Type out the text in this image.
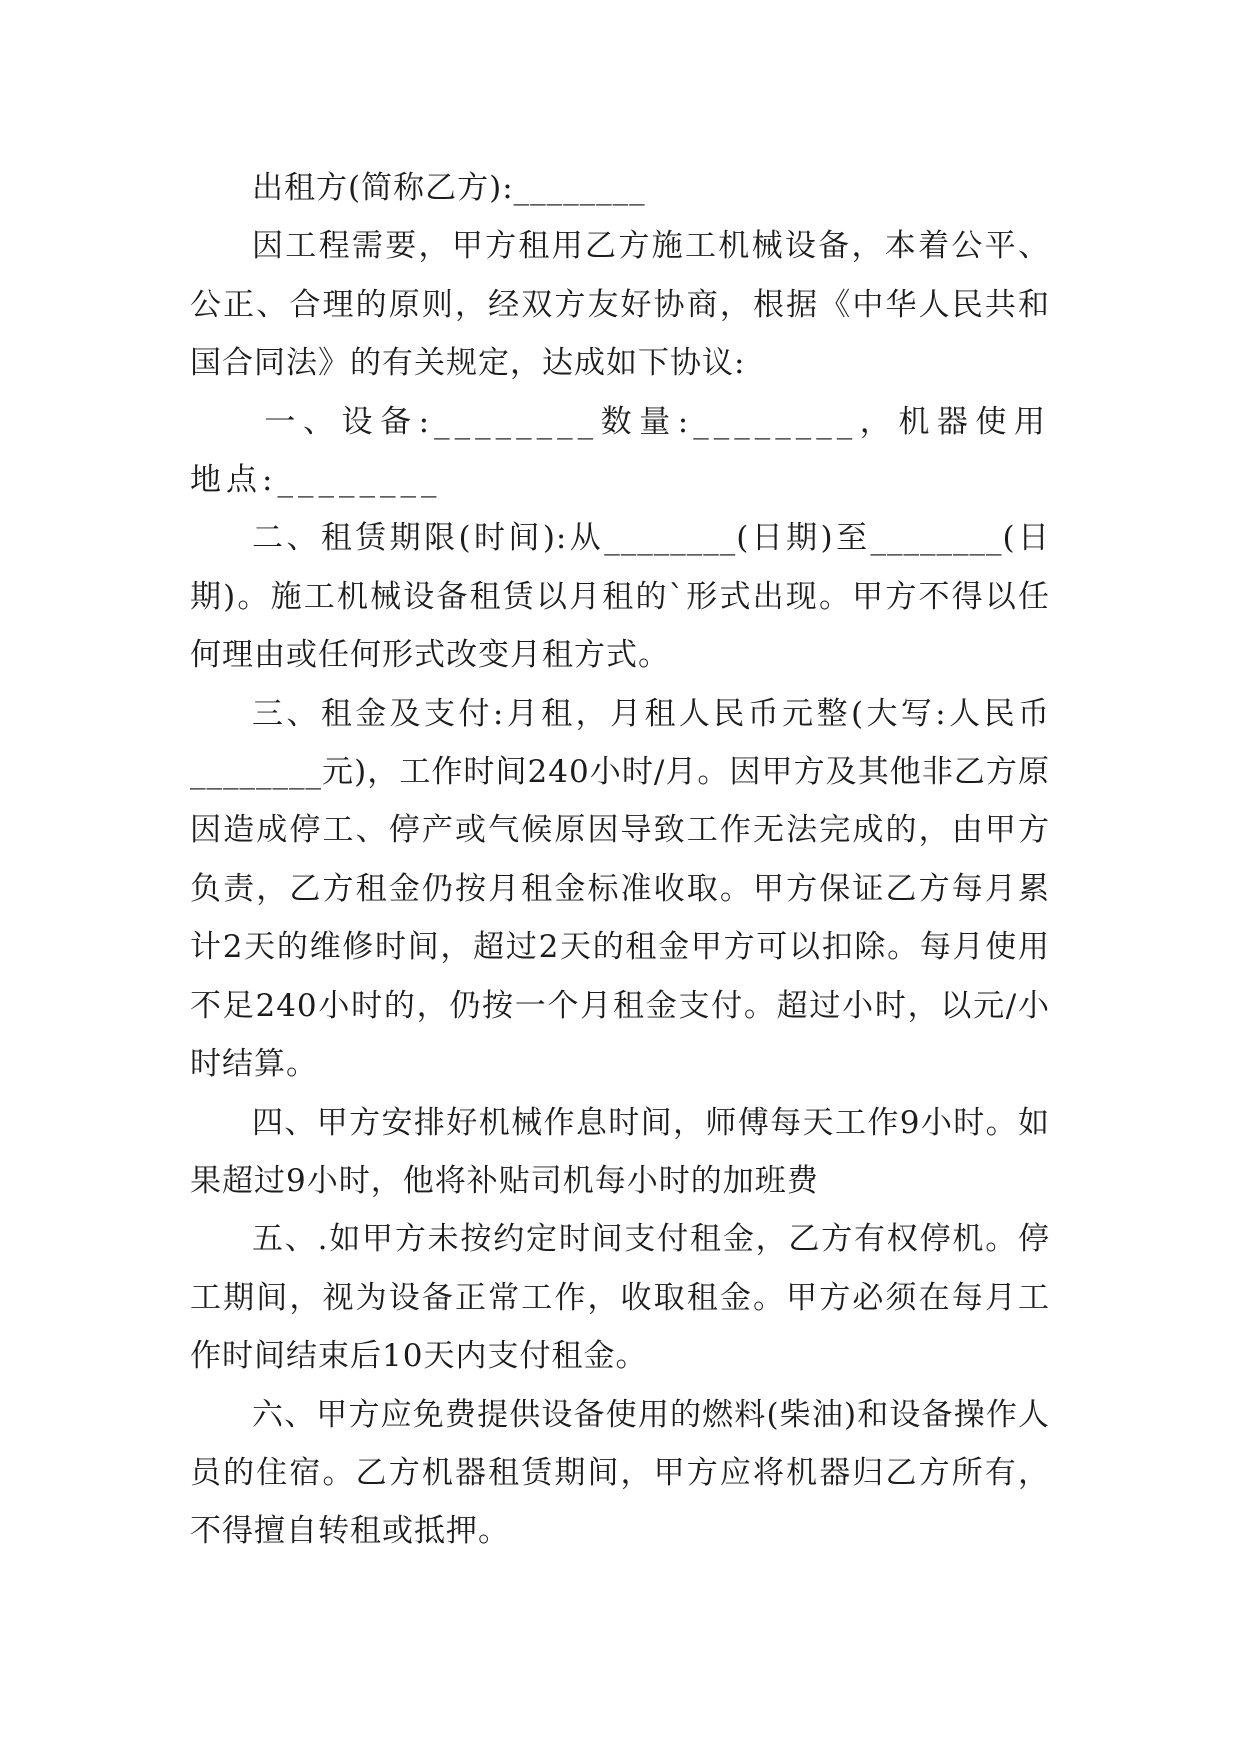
出租方(简称乙方):________

因工程需要，甲方租用乙方施工机械设备，本着公平、公正、合理的原则，经双方友好协商，根据《中华人民共和国合同法》的有关规定，达成如下协议:

一、设备:________数量:________，机器使用地点:________

二、租赁期限(时间):从________(日期)至________(日期)。施工机械设备租赁以月租的`形式出现。甲方不得以任何理由或任何形式改变月租方式。

三、租金及支付:月租，月租人民币元整(大写:人民币________元)，工作时间240小时/月。因甲方及其他非乙方原因造成停工、停产或气候原因导致工作无法完成的，由甲方负责，乙方租金仍按月租金标准收取。甲方保证乙方每月累计2天的维修时间，超过2天的租金甲方可以扣除。每月使用不足240小时的，仍按一个月租金支付。超过小时，以元/小时结算。

四、甲方安排好机械作息时间，师傅每天工作9小时。如果超过9小时，他将补贴司机每小时的加班费

五、.如甲方未按约定时间支付租金，乙方有权停机。停工期间，视为设备正常工作，收取租金。甲方必须在每月工作时间结束后10天内支付租金。

六、甲方应免费提供设备使用的燃料(柴油)和设备操作人员的住宿。乙方机器租赁期间，甲方应将机器归乙方所有，不得擅自转租或抵押。
